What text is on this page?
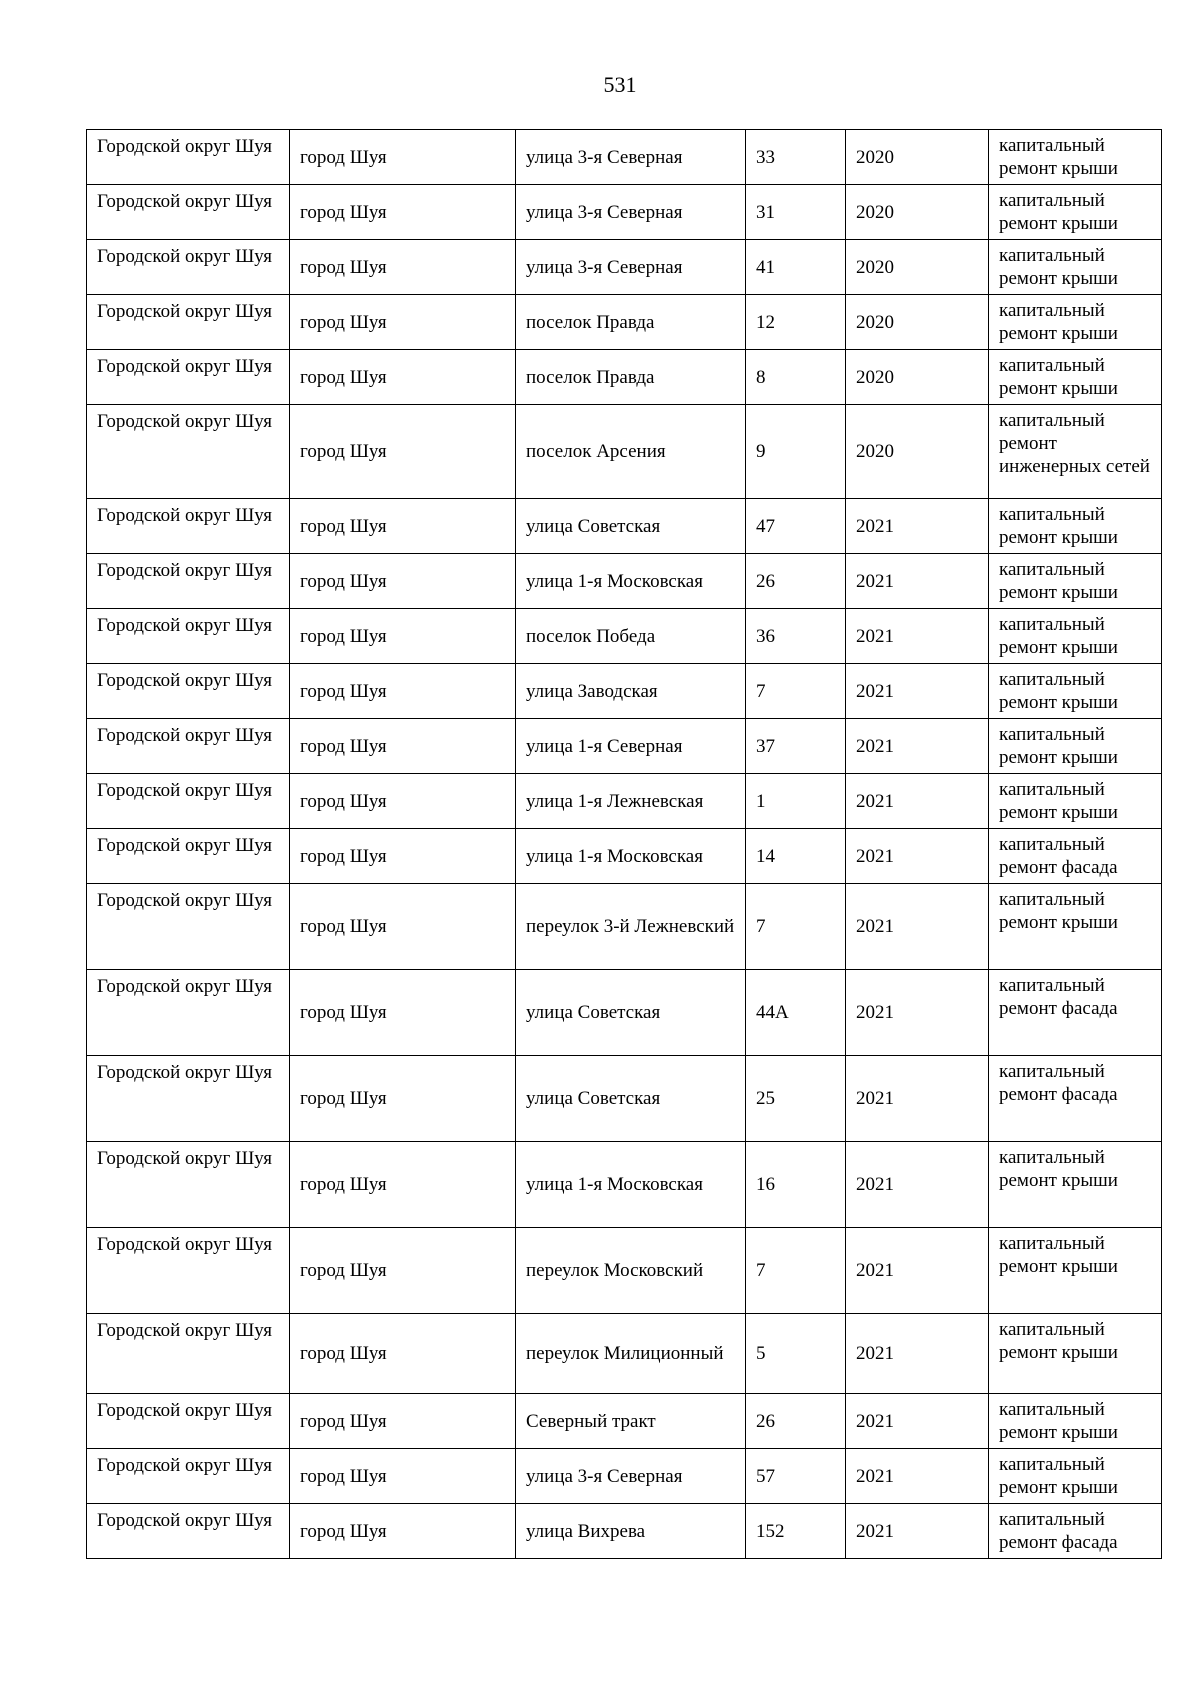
531
Городской округ Шуя	город Шуя	улица 3-я Северная	33	2020	капитальный ремонт крыши
Городской округ Шуя	город Шуя	улица 3-я Северная	31	2020	капитальный ремонт крыши
Городской округ Шуя	город Шуя	улица 3-я Северная	41	2020	капитальный ремонт крыши
Городской округ Шуя	город Шуя	поселок Правда	12	2020	капитальный ремонт крыши
Городской округ Шуя	город Шуя	поселок Правда	8	2020	капитальный ремонт крыши
Городской округ Шуя	город Шуя	поселок Арсения	9	2020	капитальный ремонт инженерных сетей
Городской округ Шуя	город Шуя	улица Советская	47	2021	капитальный ремонт крыши
Городской округ Шуя	город Шуя	улица 1-я Московская	26	2021	капитальный ремонт крыши
Городской округ Шуя	город Шуя	поселок Победа	36	2021	капитальный ремонт крыши
Городской округ Шуя	город Шуя	улица Заводская	7	2021	капитальный ремонт крыши
Городской округ Шуя	город Шуя	улица 1-я Северная	37	2021	капитальный ремонт крыши
Городской округ Шуя	город Шуя	улица 1-я Лежневская	1	2021	капитальный ремонт крыши
Городской округ Шуя	город Шуя	улица 1-я Московская	14	2021	капитальный ремонт фасада
Городской округ Шуя	город Шуя	переулок 3-й Лежневский	7	2021	капитальный ремонт крыши
Городской округ Шуя	город Шуя	улица Советская	44А	2021	капитальный ремонт фасада
Городской округ Шуя	город Шуя	улица Советская	25	2021	капитальный ремонт фасада
Городской округ Шуя	город Шуя	улица 1-я Московская	16	2021	капитальный ремонт крыши
Городской округ Шуя	город Шуя	переулок Московский	7	2021	капитальный ремонт крыши
Городской округ Шуя	город Шуя	переулок Милиционный	5	2021	капитальный ремонт крыши
Городской округ Шуя	город Шуя	Северный тракт	26	2021	капитальный ремонт крыши
Городской округ Шуя	город Шуя	улица 3-я Северная	57	2021	капитальный ремонт крыши
Городской округ Шуя	город Шуя	улица Вихрева	152	2021	капитальный ремонт фасада
